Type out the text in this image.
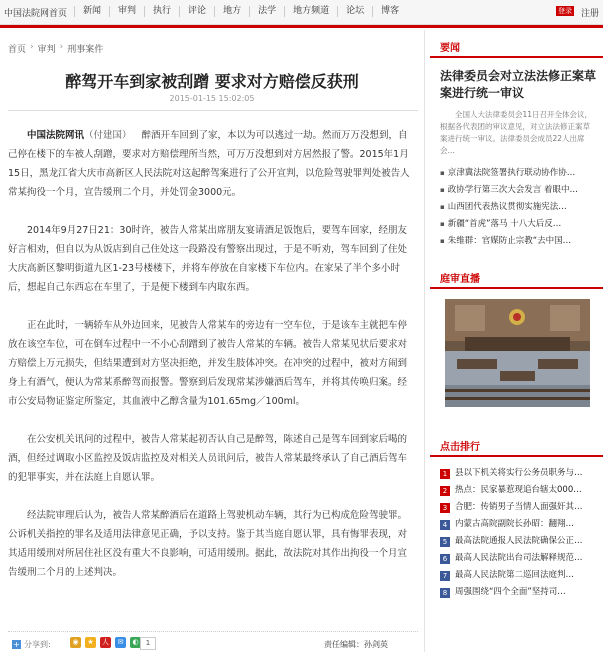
中国法院网首页	新闻	审判	执行	评论	地方	法学	地方频道	论坛	博客	登录 注册
首页 › 审判 › 刑事案件
醉驾开车到家被刮蹭 要求对方赔偿反获刑
2015-01-15 15:02:05

中国法院网讯（付建国） 醉酒开车回到了家，本以为可以逃过一劫。然而万万没想到，自己停在楼下的车被人刮蹭，要求对方赔偿理所当然，可万万没想到对方居然报了警。2015年1月15日，黑龙江省大庆市高新区人民法院对这起醉驾案进行了公开宣判，以危险驾驶罪判处被告人常某拘役一个月，宣告缓刑二个月，并处罚金3000元。

2014年9月27日21：30时许，被告人常某出席朋友宴请酒足饭饱后，要驾车回家，经朋友好言相劝，但自以为从饭店到自己住处这一段路没有警察出现过，于是不听劝，驾车回到了住处大庆高新区黎明街道九区1-23号楼楼下，并将车停放在自家楼下车位内。在家呆了半个多小时后，想起自己东西忘在车里了，于是便下楼到车内取东西。

正在此时，一辆轿车从外边回来，见被告人常某车的旁边有一空车位，于是该车主就把车停放在该空车位，可在倒车过程中一不小心刮蹭到了被告人常某的车辆。被告人常某见状后要求对方赔偿上万元损失，但结果遭到对方坚决拒绝，并发生肢体冲突。在冲突的过程中，被对方闹到身上有酒气，便认为常某系醉驾而报警。警察到后发现常某涉嫌酒后驾车，并将其传唤归案。经市公安局物证鉴定所鉴定，其血液中乙醇含量为101.65mg／100ml。

在公安机关讯问的过程中，被告人常某起初否认自己是醉驾，陈述自己是驾车回到家后喝的酒，但经过调取小区监控及饭店监控及对相关人员讯问后，被告人常某最终承认了自己酒后驾车的犯罪事实，并在法庭上自愿认罪。

经法院审理后认为，被告人常某醉酒后在道路上驾驶机动车辆，其行为已构成危险驾驶罪。公诉机关指控的罪名及适用法律意见正确，予以支持。鉴于其当庭自愿认罪，具有悔罪表现，对其适用缓刑对所居住社区没有重大不良影响，可适用缓刑。据此，故法院对其作出拘役一个月宣告缓刑二个月的上述判决。

+ 分享到:	◉	★	人	✉	◐	1	责任编辑：孙剑英
要闻
法律委员会对立法法修正案草案进行统一审议
全国人大法律委员会11日召开全体会议，根据各代表团的审议意见，对立法法修正案草案进行统一审议。法律委员会成员22人出席会…
▪ 京津冀法院签署执行联动协作协…
▪ 政协学行第三次大会发言 着眼中…
▪ 山西团代表热议贯彻实施宪法…
▪ 新疆“首虎”落马 十八大后反…
▪ 朱维群：官媒防止宗教“去中国…
庭审直播
点击排行
1 县以下机关将实行公务员职务与…
2 热点：民家暴惹现追台辖太000…
3 合肥：传销男子当情人面强奸其…
4 内蒙古高院副院长孙昭：翻翔…
5 最高法院通报人民法院确保公正…
6 最高人民法院出台司法解释规范…
7 最高人民法院第二巡回法庭判…
8 周强围绕“四个全面”坚持司…
